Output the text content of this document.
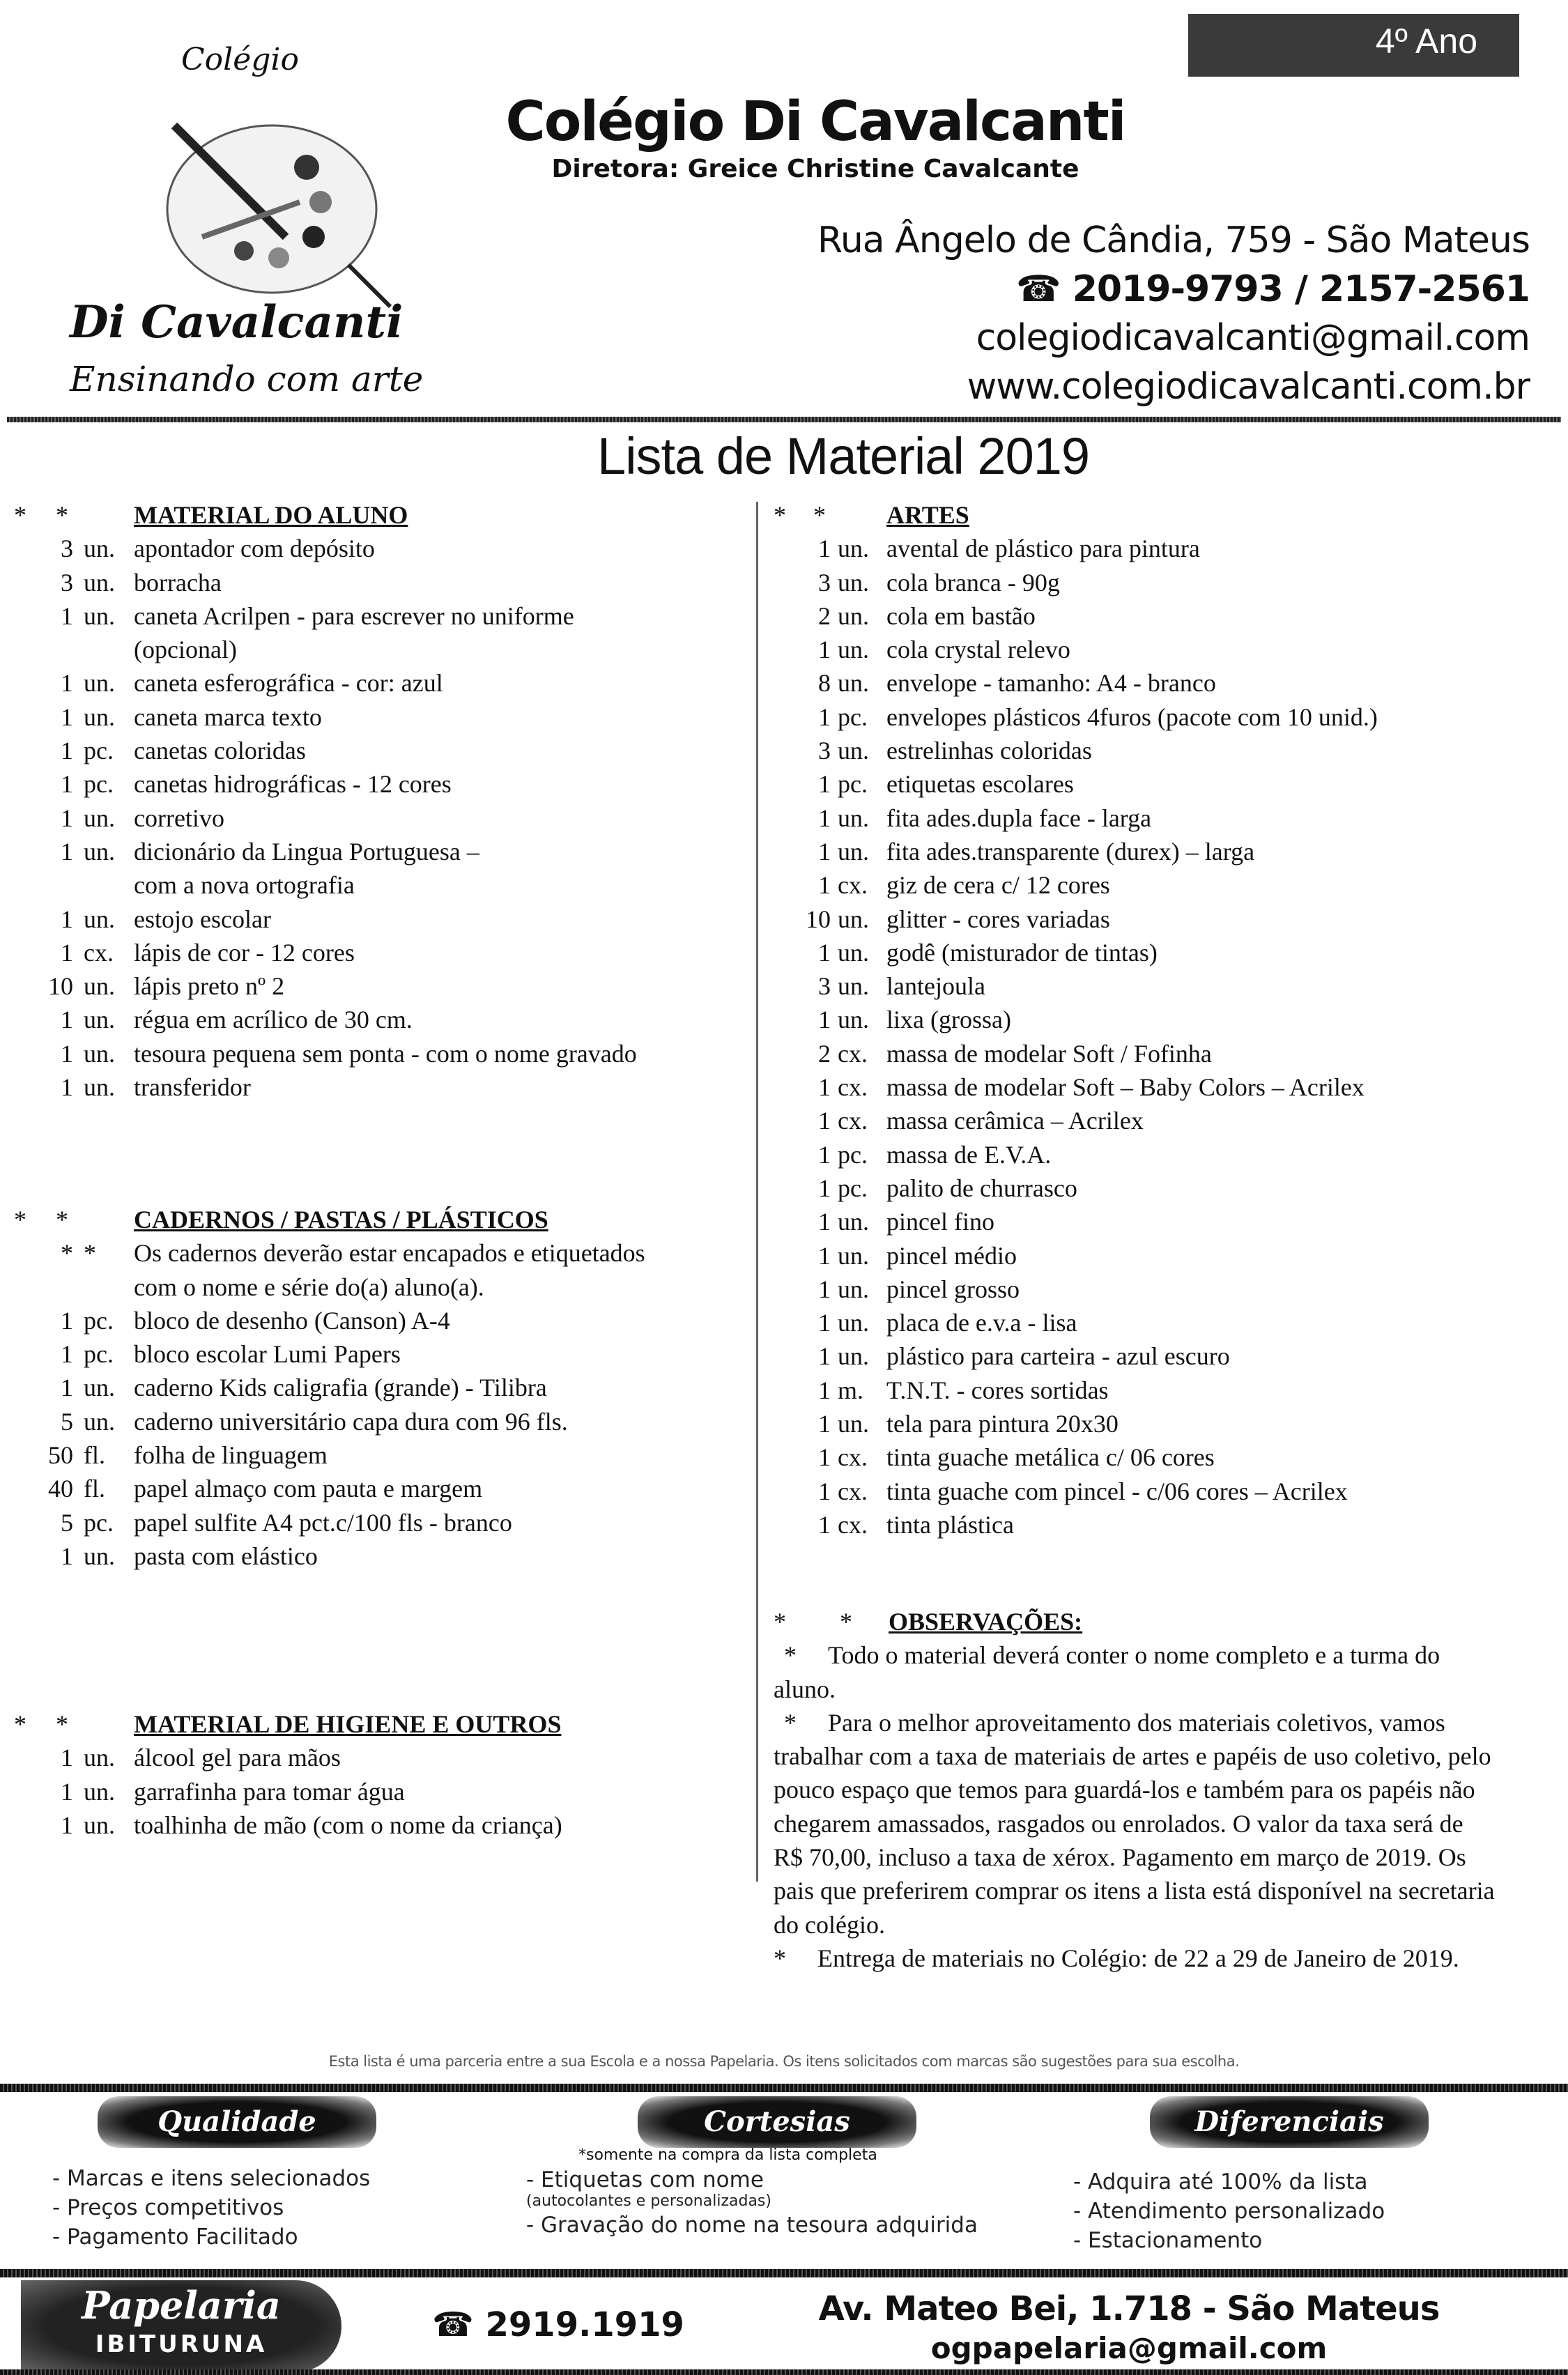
4º Ano
Colégio
Di Cavalcanti
Ensinando com arte
Colégio Di Cavalcanti
Diretora: Greice Christine Cavalcante
Rua Ângelo de Cândia, 759 - São Mateus
☎ 2019-9793 / 2157-2561
colegiodicavalcanti@gmail.com
www.colegiodicavalcanti.com.br
Lista de Material 2019
* *	MATERIAL DO ALUNO
3 un. apontador com depósito
3 un. borracha
1 un. caneta Acrilpen - para escrever no uniforme
(opcional)
1 un. caneta esferográfica - cor: azul
1 un. caneta marca texto
1 pc. canetas coloridas
1 pc. canetas hidrográficas - 12 cores
1 un. corretivo
1 un. dicionário da Lingua Portuguesa –
com a nova ortografia
1 un. estojo escolar
1 cx. lápis de cor - 12 cores
10 un. lápis preto nº 2
1 un. régua em acrílico de 30 cm.
1 un. tesoura pequena sem ponta - com o nome gravado
1 un. transferidor
* *	CADERNOS / PASTAS / PLÁSTICOS
* * Os cadernos deverão estar encapados e etiquetados
com o nome e série do(a) aluno(a).
1 pc. bloco de desenho (Canson) A-4
1 pc. bloco escolar Lumi Papers
1 un. caderno Kids caligrafia (grande) - Tilibra
5 un. caderno universitário capa dura com 96 fls.
50 fl. folha de linguagem
40 fl. papel almaço com pauta e margem
5 pc. papel sulfite A4 pct.c/100 fls - branco
1 un. pasta com elástico
* *	MATERIAL DE HIGIENE E OUTROS
1 un. álcool gel para mãos
1 un. garrafinha para tomar água
1 un. toalhinha de mão (com o nome da criança)
* * ARTES
1 un. avental de plástico para pintura
3 un. cola branca - 90g
2 un. cola em bastão
1 un. cola crystal relevo
8 un. envelope - tamanho: A4 - branco
1 pc. envelopes plásticos 4furos (pacote com 10 unid.)
3 un. estrelinhas coloridas
1 pc. etiquetas escolares
1 un. fita ades.dupla face - larga
1 un. fita ades.transparente (durex) – larga
1 cx. giz de cera c/ 12 cores
10 un. glitter - cores variadas
1 un. godê (misturador de tintas)
3 un. lantejoula
1 un. lixa (grossa)
2 cx. massa de modelar Soft / Fofinha
1 cx. massa de modelar Soft – Baby Colors – Acrilex
1 cx. massa cerâmica – Acrilex
1 pc. massa de E.V.A.
1 pc. palito de churrasco
1 un. pincel fino
1 un. pincel médio
1 un. pincel grosso
1 un. placa de e.v.a - lisa
1 un. plástico para carteira - azul escuro
1 m. T.N.T. - cores sortidas
1 un. tela para pintura 20x30
1 cx. tinta guache metálica c/ 06 cores
1 cx. tinta guache com pincel - c/06 cores – Acrilex
1 cx. tinta plástica
* * OBSERVAÇÕES:

* Todo o material deverá conter o nome completo e a turma do aluno.

* Para o melhor aproveitamento dos materiais coletivos, vamos trabalhar com a taxa de materiais de artes e papéis de uso coletivo, pelo pouco espaço que temos para guardá-los e também para os papéis não chegarem amassados, rasgados ou enrolados. O valor da taxa será de R$ 70,00, incluso a taxa de xérox. Pagamento em março de 2019. Os pais que preferirem comprar os itens a lista está disponível na secretaria do colégio.

* Entrega de materiais no Colégio: de 22 a 29 de Janeiro de 2019.

Esta lista é uma parceria entre a sua Escola e a nossa Papelaria. Os itens solicitados com marcas são sugestões para sua escolha.
Qualidade	Cortesias	Diferenciais
*somente na compra da lista completa
- Marcas e itens selecionados
- Preços competitivos
- Pagamento Facilitado
- Etiquetas com nome
(autocolantes e personalizadas)
- Gravação do nome na tesoura adquirida
- Adquira até 100% da lista
- Atendimento personalizado
- Estacionamento
Papelaria
IBITURUNA	☎ 2919.1919	Av. Mateo Bei, 1.718 - São Mateus
ogpapelaria@gmail.com
